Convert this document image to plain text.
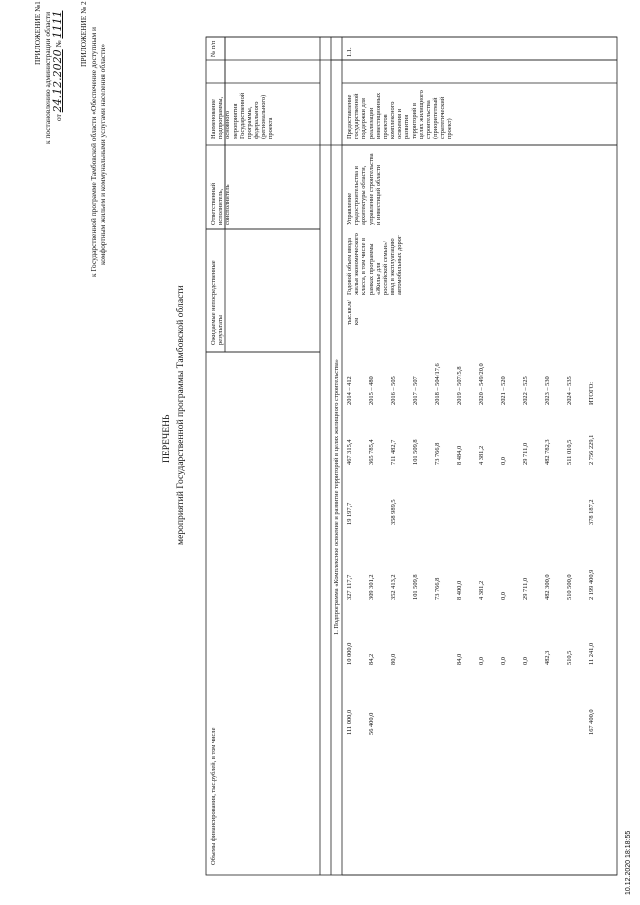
ПРИЛОЖЕНИЕ №1 к постановлению администрации области от 24.12.2020 № 1111 ПРИЛОЖЕНИЕ № 2 к Государственной программе Тамбовской области «Обеспечение доступным и комфортным жильем и коммунальными услугами населения области»
ПЕРЕЧЕНЬ мероприятий Государственной программы Тамбовской области
№ п/п
Наименование подпрограммы, основного мероприятия Государственной программы, федерального (регионального) проекта
Ответственный исполнитель, соисполнитель
Ожидаемые непосредственные результаты
Объемы финансирования, тыс.рублей, в том числе
1. Подпрограмма «Комплексное освоение и развитие территорий в целях жилищного строительства»
1.1.
Предоставление государственной поддержки для реализации инвестиционных проектов комплексного освоения и развития территорий в целях жилищного строительства (приоритетный стратегический проект)
Управление градостроительства и архитектуры области, управление строительства и инвестиций области
Годовой объем ввода жилья экономического класса, в том числе в рамках программы «Жилье для российской семьи»/ввод в эксплуатацию автомобильных дорог
тыс.кв.м/ км
2014 – 412
467 315,4
19 197,7
327 117,7
10 000,0
111 000,0
2015 – 480
365 785,4
309 301,2
84,2
56 400,0
2016 – 505
711 482,7
358 989,5
352 413,2
80,0
2017 – 507
101 509,8
101 509,8
2018 – 504/17,6
73 766,8
73 766,8
2019 – 507/5,8
8 484,0
8 400,0
84,0
2020 – 549/20,0
4 381,2
4 381,2
0,0
2021 – 520
0,0
0,0
0,0
2022 – 525
29 711,0
29 711,0
0,0
2023 – 530
482 782,3
482 300,0
482,3
2024 – 535
511 010,5
510 500,0
510,5
ИТОГО:
2 756 229,1
378 187,2
2 199 400,9
11 241,0
167 400,0
10.12.2020 18:18:55
